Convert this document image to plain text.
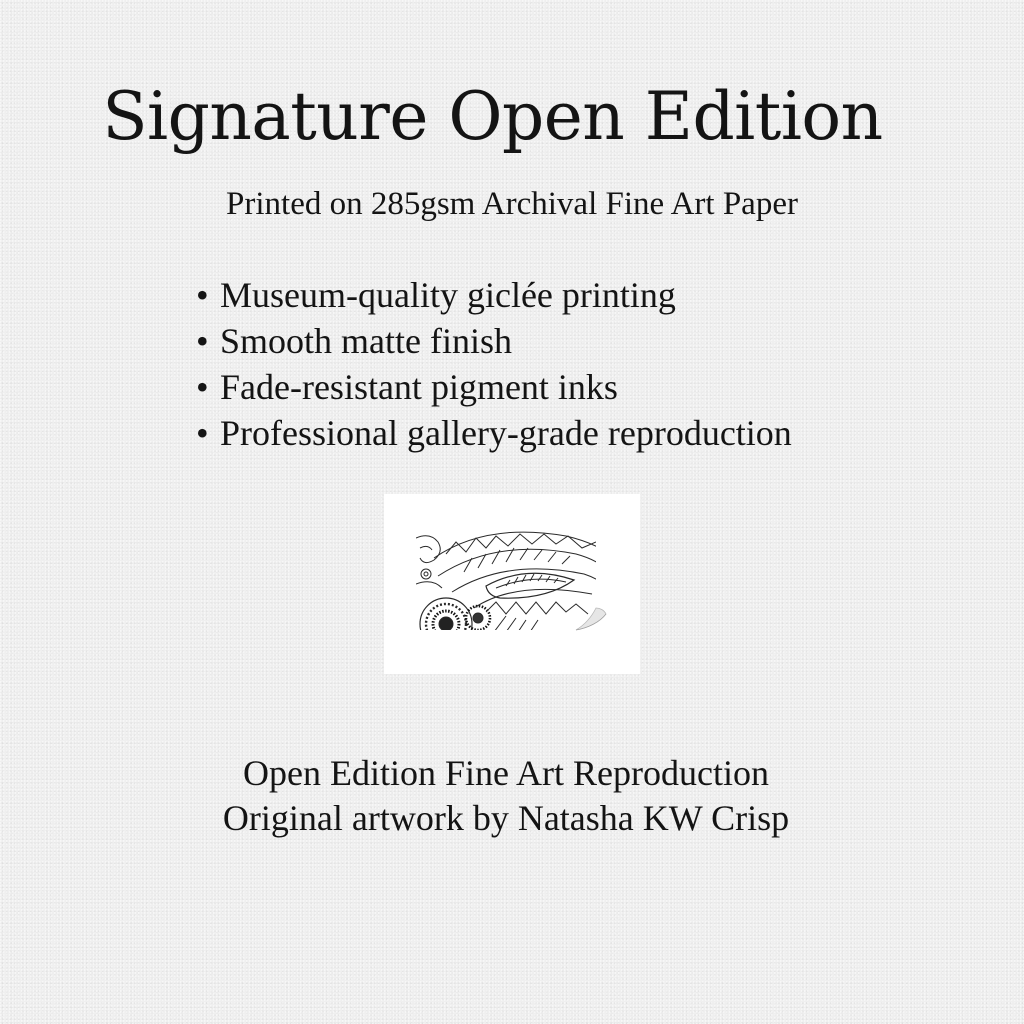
Signature Open Edition

Printed on 285gsm Archival Fine Art Paper

• Museum-quality giclée printing
• Smooth matte finish
• Fade-resistant pigment inks
• Professional gallery-grade reproduction

Open Edition Fine Art Reproduction

Original artwork by Natasha KW Crisp
